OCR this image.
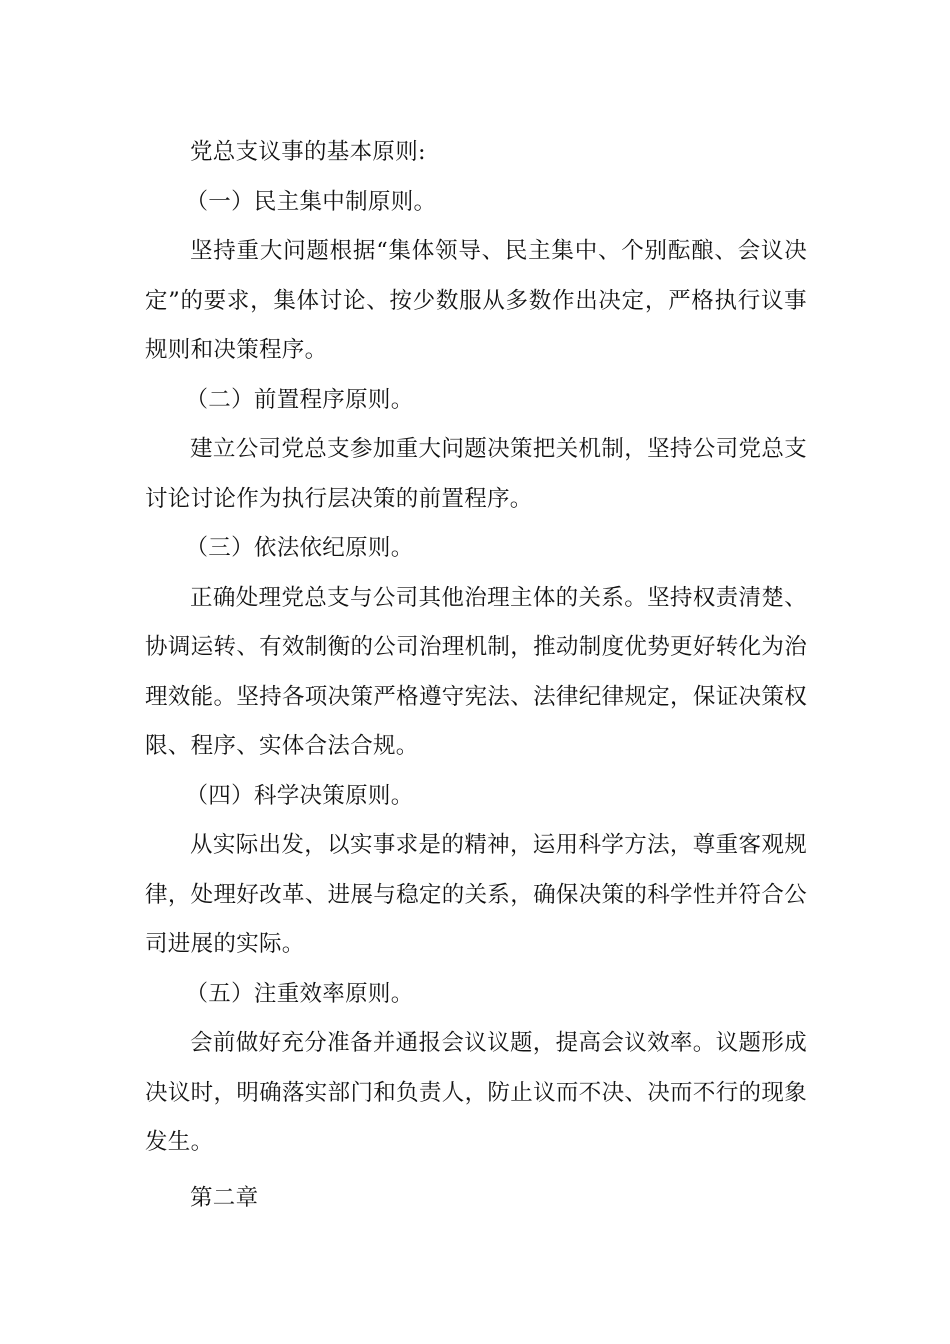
党总支议事的基本原则:

（一）民主集中制原则。

坚持重大问题根据“集体领导、民主集中、个别酝酿、会议决定”的要求，集体讨论、按少数服从多数作出决定，严格执行议事规则和决策程序。

（二）前置程序原则。

建立公司党总支参加重大问题决策把关机制，坚持公司党总支讨论讨论作为执行层决策的前置程序。

（三）依法依纪原则。

正确处理党总支与公司其他治理主体的关系。坚持权责清楚、协调运转、有效制衡的公司治理机制，推动制度优势更好转化为治理效能。坚持各项决策严格遵守宪法、法律纪律规定，保证决策权限、程序、实体合法合规。

（四）科学决策原则。

从实际出发，以实事求是的精神，运用科学方法，尊重客观规律，处理好改革、进展与稳定的关系，确保决策的科学性并符合公司进展的实际。

（五）注重效率原则。

会前做好充分准备并通报会议议题，提高会议效率。议题形成决议时，明确落实部门和负责人，防止议而不决、决而不行的现象发生。

第二章
